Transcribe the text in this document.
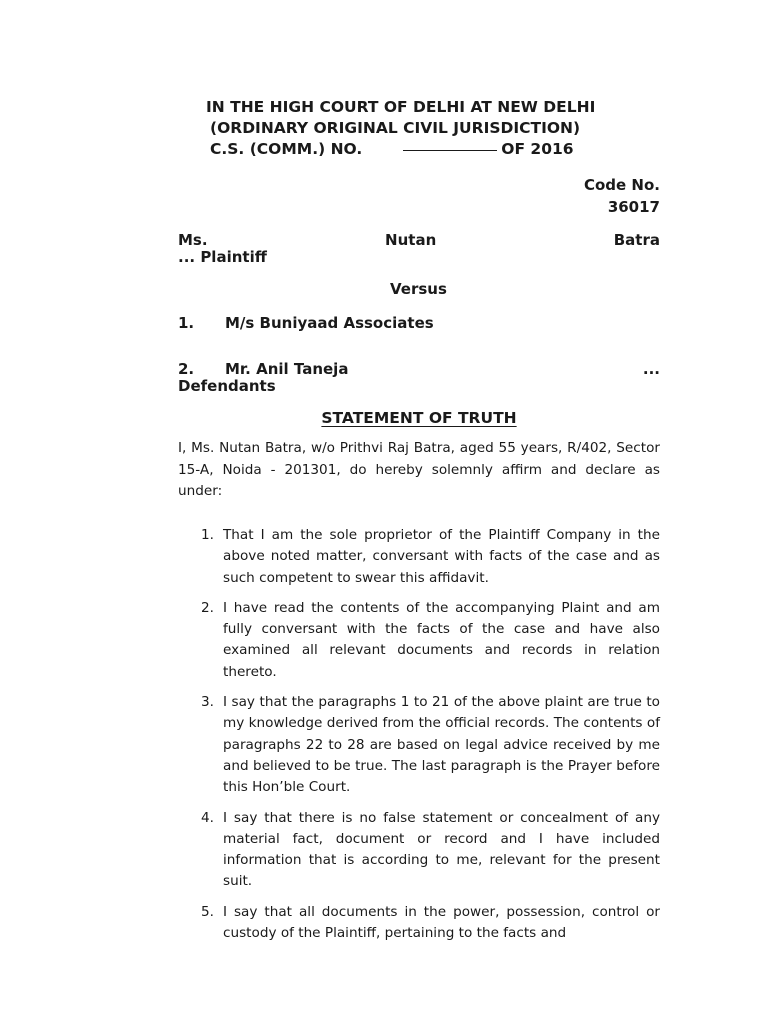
IN THE HIGH COURT OF DELHI AT NEW DELHI
(ORDINARY ORIGINAL CIVIL JURISDICTION)
C.S. (COMM.) NO.	OF 2016
Code No.
36017
Ms.	Nutan	Batra
... Plaintiff
Versus
1. M/s Buniyaad Associates
2. Mr. Anil Taneja	...
Defendants
STATEMENT OF TRUTH
I, Ms. Nutan Batra, w/o Prithvi Raj Batra, aged 55 years, R/402, Sector 15-A, Noida - 201301, do hereby solemnly affirm and declare as under:
1. That I am the sole proprietor of the Plaintiff Company in the above noted matter, conversant with facts of the case and as such competent to swear this affidavit.
2. I have read the contents of the accompanying Plaint and am fully conversant with the facts of the case and have also examined all relevant documents and records in relation thereto.
3. I say that the paragraphs 1 to 21 of the above plaint are true to my knowledge derived from the official records. The contents of paragraphs 22 to 28 are based on legal advice received by me and believed to be true. The last paragraph is the Prayer before this Hon’ble Court.
4. I say that there is no false statement or concealment of any material fact, document or record and I have included information that is according to me, relevant for the present suit.
5. I say that all documents in the power, possession, control or custody of the Plaintiff, pertaining to the facts and
